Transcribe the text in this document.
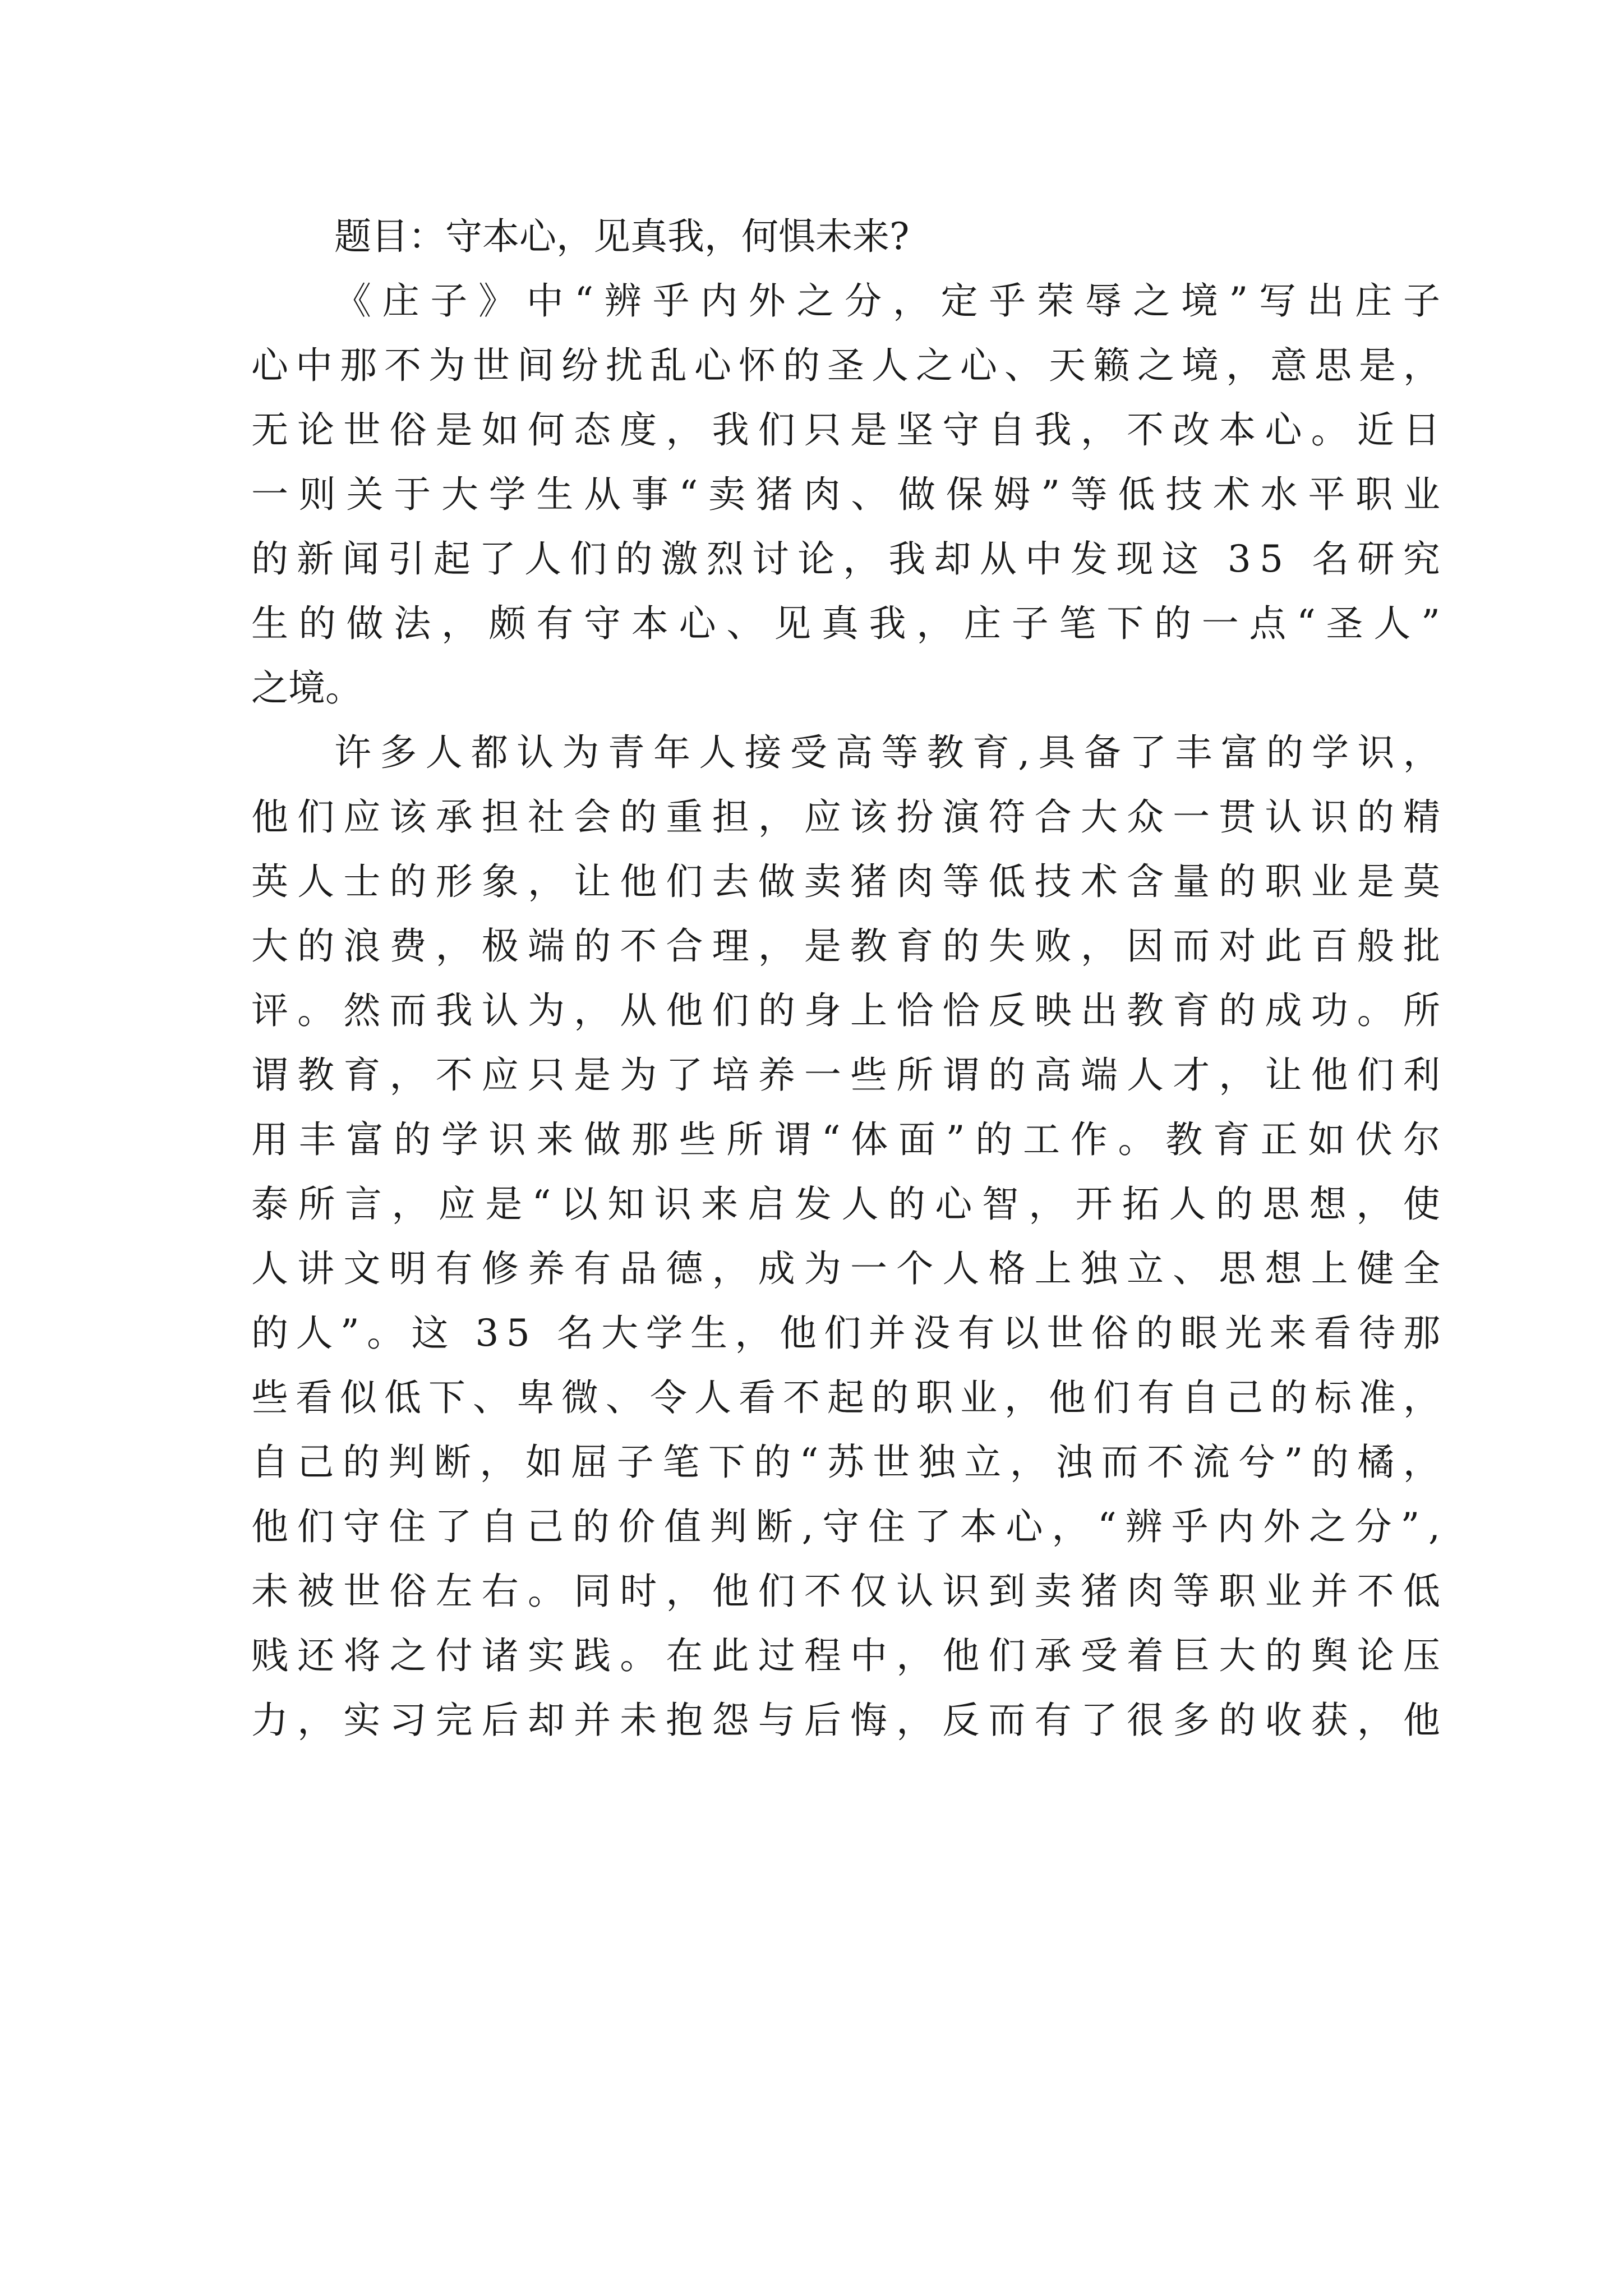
题目：守本心，见真我，何惧未来?
《 庄 子 》 中 “ 辨 乎 内 外 之 分 ， 定 乎 荣 辱 之 境 ” 写 出 庄 子
心 中 那 不 为 世 间 纷 扰 乱 心 怀 的 圣 人 之 心 、 天 籁 之 境 ， 意 思 是 ，
无 论 世 俗 是 如 何 态 度 ， 我 们 只 是 坚 守 自 我 ， 不 改 本 心 。 近 日
一 则 关 于 大 学 生 从 事 “ 卖 猪 肉 、 做 保 姆 ” 等 低 技 术 水 平 职 业
的 新 闻 引 起 了 人 们 的 激 烈 讨 论 ， 我 却 从 中 发 现 这
3 5
名 研 究
生 的 做 法 ， 颇 有 守 本 心 、 见 真 我 ， 庄 子 笔 下 的 一 点 “ 圣 人 ”
之境。
许 多 人 都 认 为 青 年 人 接 受 高 等 教 育 , 具 备 了 丰 富 的 学 识 ，
他 们 应 该 承 担 社 会 的 重 担 ， 应 该 扮 演 符 合 大 众 一 贯 认 识 的 精
英 人 士 的 形 象 ， 让 他 们 去 做 卖 猪 肉 等 低 技 术 含 量 的 职 业 是 莫
大 的 浪 费 ， 极 端 的 不 合 理 ， 是 教 育 的 失 败 ， 因 而 对 此 百 般 批
评 。 然 而 我 认 为 ， 从 他 们 的 身 上 恰 恰 反 映 出 教 育 的 成 功 。 所
谓 教 育 ， 不 应 只 是 为 了 培 养 一 些 所 谓 的 高 端 人 才 ， 让 他 们 利
用 丰 富 的 学 识 来 做 那 些 所 谓 “ 体 面 ” 的 工 作 。 教 育 正 如 伏 尔
泰 所 言 ， 应 是 “ 以 知 识 来 启 发 人 的 心 智 ， 开 拓 人 的 思 想 ， 使
人 讲 文 明 有 修 养 有 品 德 ， 成 为 一 个 人 格 上 独 立 、 思 想 上 健 全
的 人 ” 。 这
3 5
名 大 学 生 ， 他 们 并 没 有 以 世 俗 的 眼 光 来 看 待 那
些 看 似 低 下 、 卑 微 、 令 人 看 不 起 的 职 业 ， 他 们 有 自 己 的 标 准 ，
自 己 的 判 断 ， 如 屈 子 笔 下 的 “ 苏 世 独 立 ， 浊 而 不 流 兮 ” 的 橘 ，
他 们 守 住 了 自 己 的 价 值 判 断 , 守 住 了 本 心 ， “ 辨 乎 内 外 之 分 ” ,
未 被 世 俗 左 右 。 同 时 ， 他 们 不 仅 认 识 到 卖 猪 肉 等 职 业 并 不 低
贱 还 将 之 付 诸 实 践 。 在 此 过 程 中 ， 他 们 承 受 着 巨 大 的 舆 论 压
力 ， 实 习 完 后 却 并 未 抱 怨 与 后 悔 ， 反 而 有 了 很 多 的 收 获 ， 他
